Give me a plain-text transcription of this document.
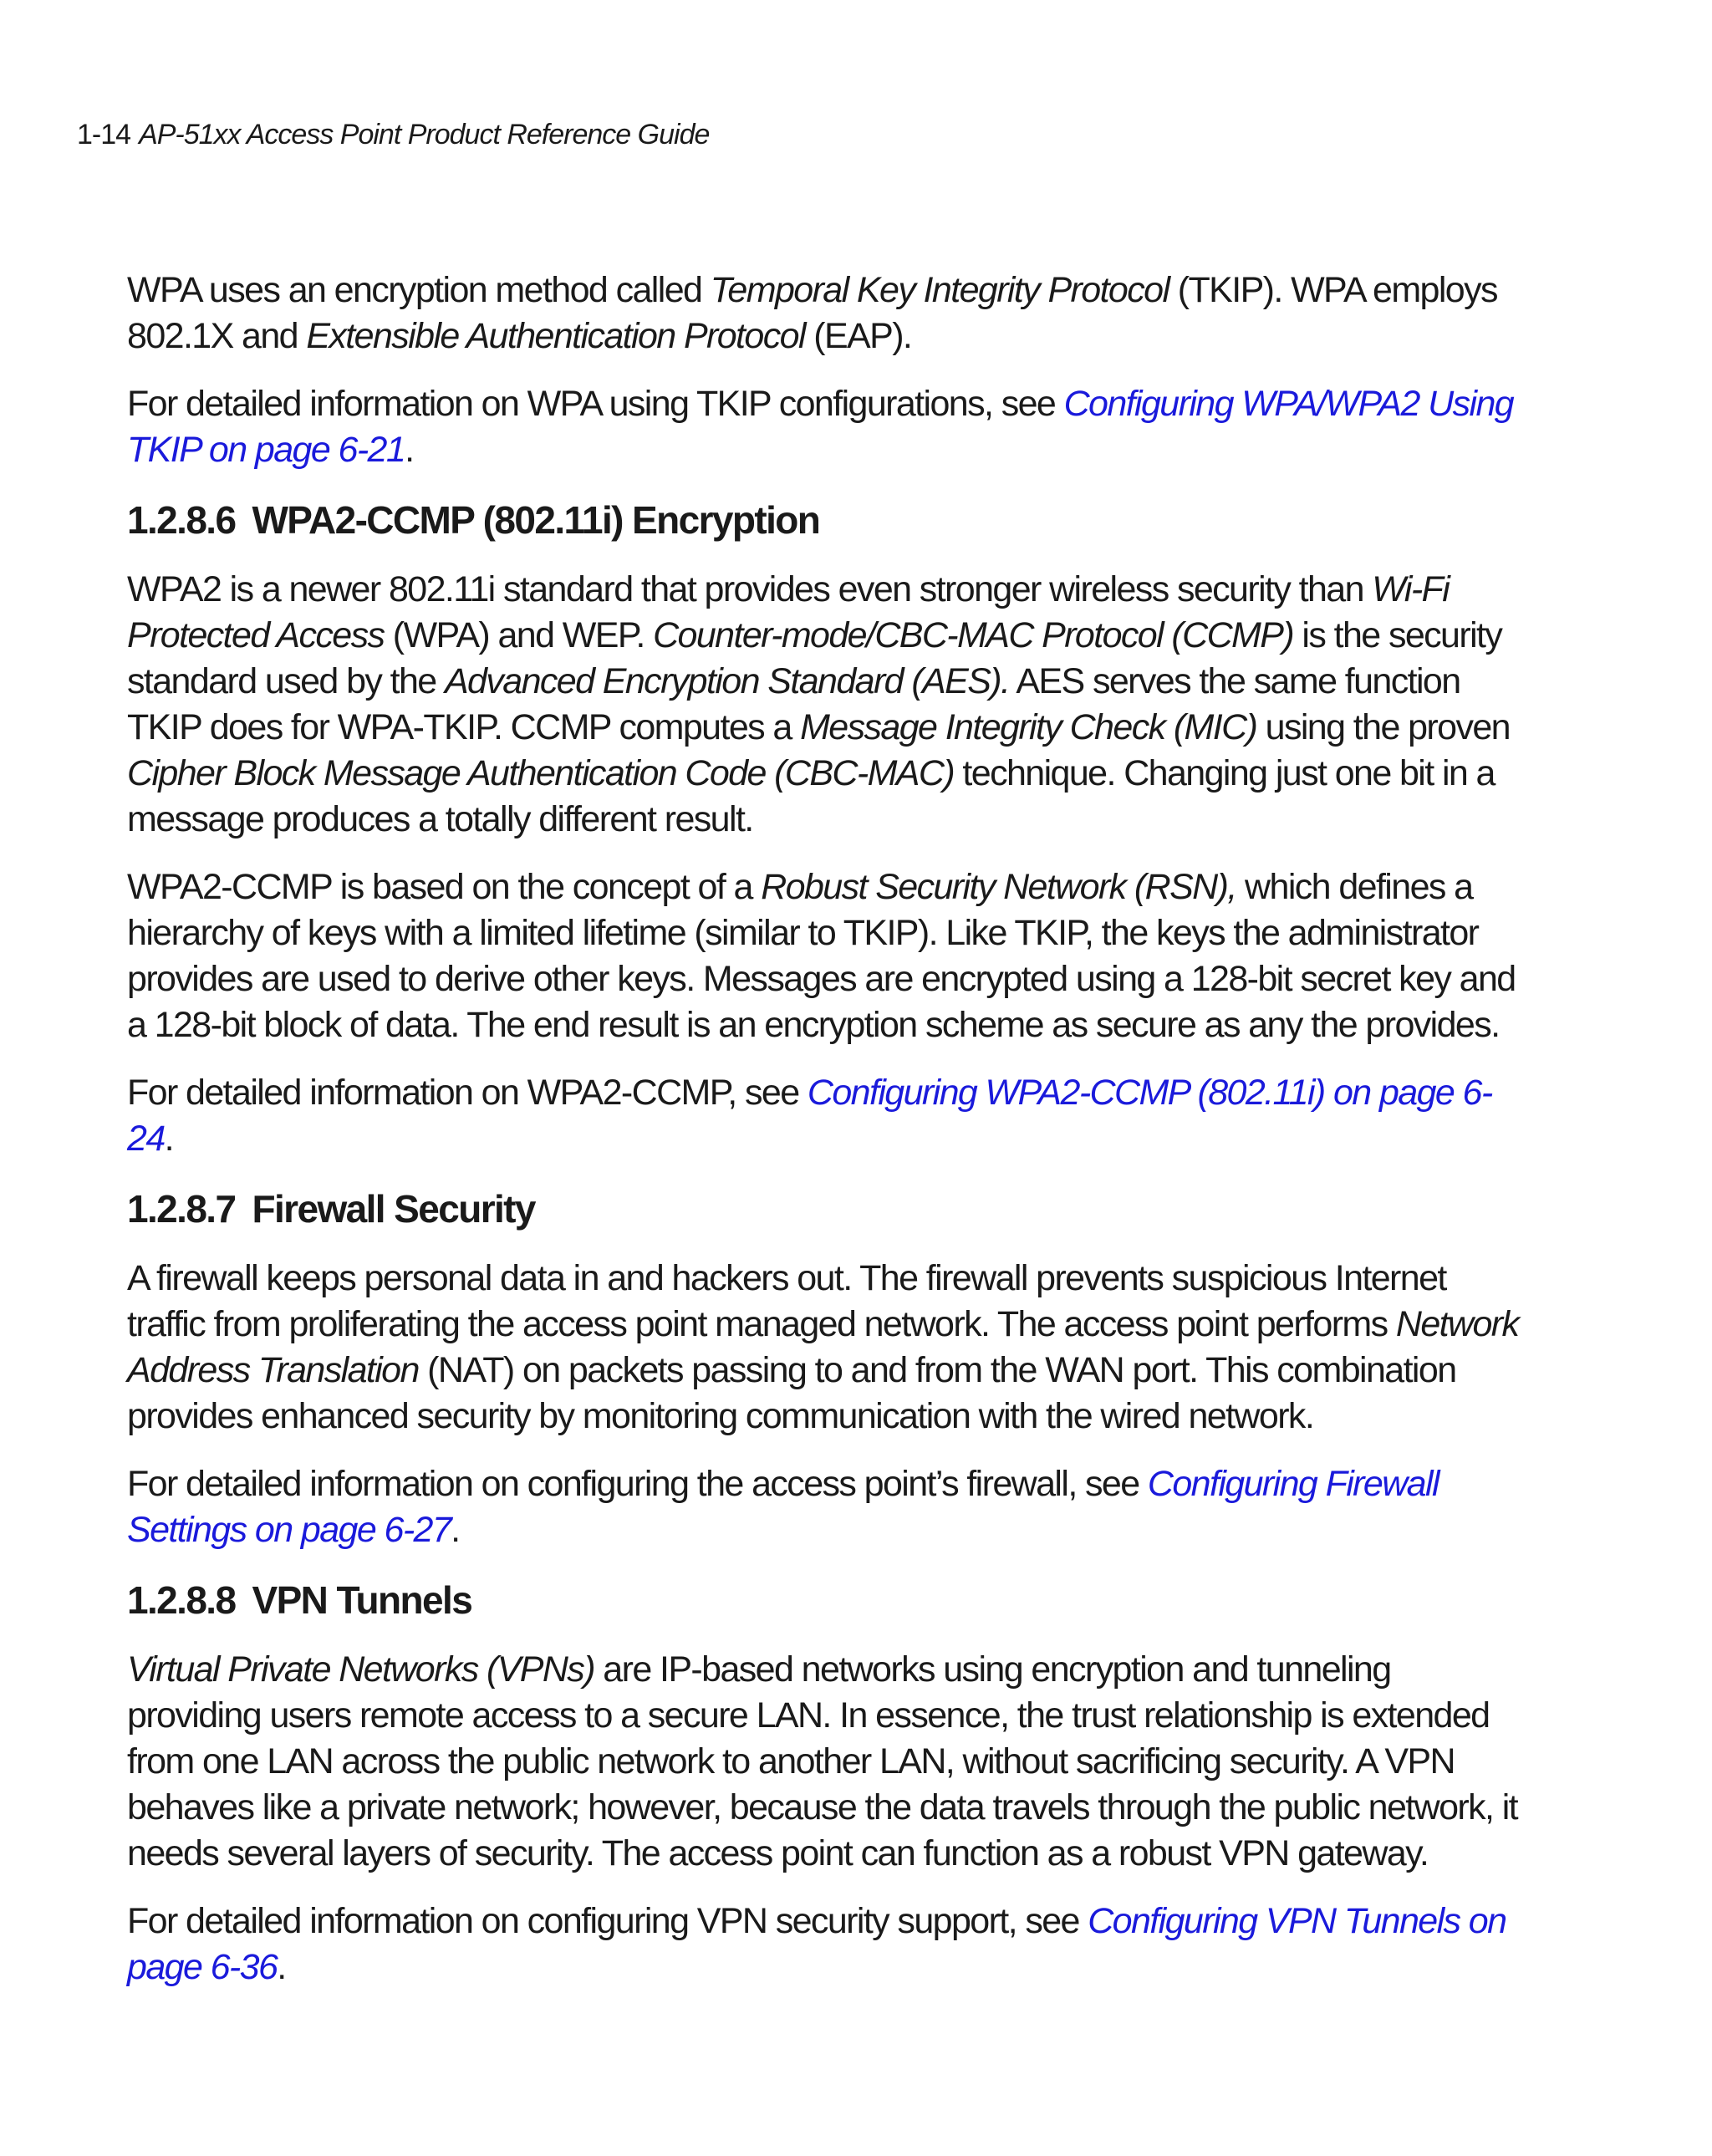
1-14 AP-51xx Access Point Product Reference Guide

WPA uses an encryption method called Temporal Key Integrity Protocol (TKIP). WPA employs 802.1X and Extensible Authentication Protocol (EAP).

For detailed information on WPA using TKIP configurations, see Configuring WPA/WPA2 Using TKIP on page 6-21.

1.2.8.6 WPA2-CCMP (802.11i) Encryption

WPA2 is a newer 802.11i standard that provides even stronger wireless security than Wi-Fi Protected Access (WPA) and WEP. Counter-mode/CBC-MAC Protocol (CCMP) is the security standard used by the Advanced Encryption Standard (AES). AES serves the same function TKIP does for WPA-TKIP. CCMP computes a Message Integrity Check (MIC) using the proven Cipher Block Message Authentication Code (CBC-MAC) technique. Changing just one bit in a message produces a totally different result.

WPA2-CCMP is based on the concept of a Robust Security Network (RSN), which defines a hierarchy of keys with a limited lifetime (similar to TKIP). Like TKIP, the keys the administrator provides are used to derive other keys. Messages are encrypted using a 128-bit secret key and a 128-bit block of data. The end result is an encryption scheme as secure as any the provides.

For detailed information on WPA2-CCMP, see Configuring WPA2-CCMP (802.11i) on page 6-24.

1.2.8.7 Firewall Security

A firewall keeps personal data in and hackers out. The firewall prevents suspicious Internet traffic from proliferating the access point managed network. The access point performs Network Address Translation (NAT) on packets passing to and from the WAN port. This combination provides enhanced security by monitoring communication with the wired network.

For detailed information on configuring the access point’s firewall, see Configuring Firewall Settings on page 6-27.

1.2.8.8 VPN Tunnels

Virtual Private Networks (VPNs) are IP-based networks using encryption and tunneling providing users remote access to a secure LAN. In essence, the trust relationship is extended from one LAN across the public network to another LAN, without sacrificing security. A VPN behaves like a private network; however, because the data travels through the public network, it needs several layers of security. The access point can function as a robust VPN gateway.

For detailed information on configuring VPN security support, see Configuring VPN Tunnels on page 6-36.
